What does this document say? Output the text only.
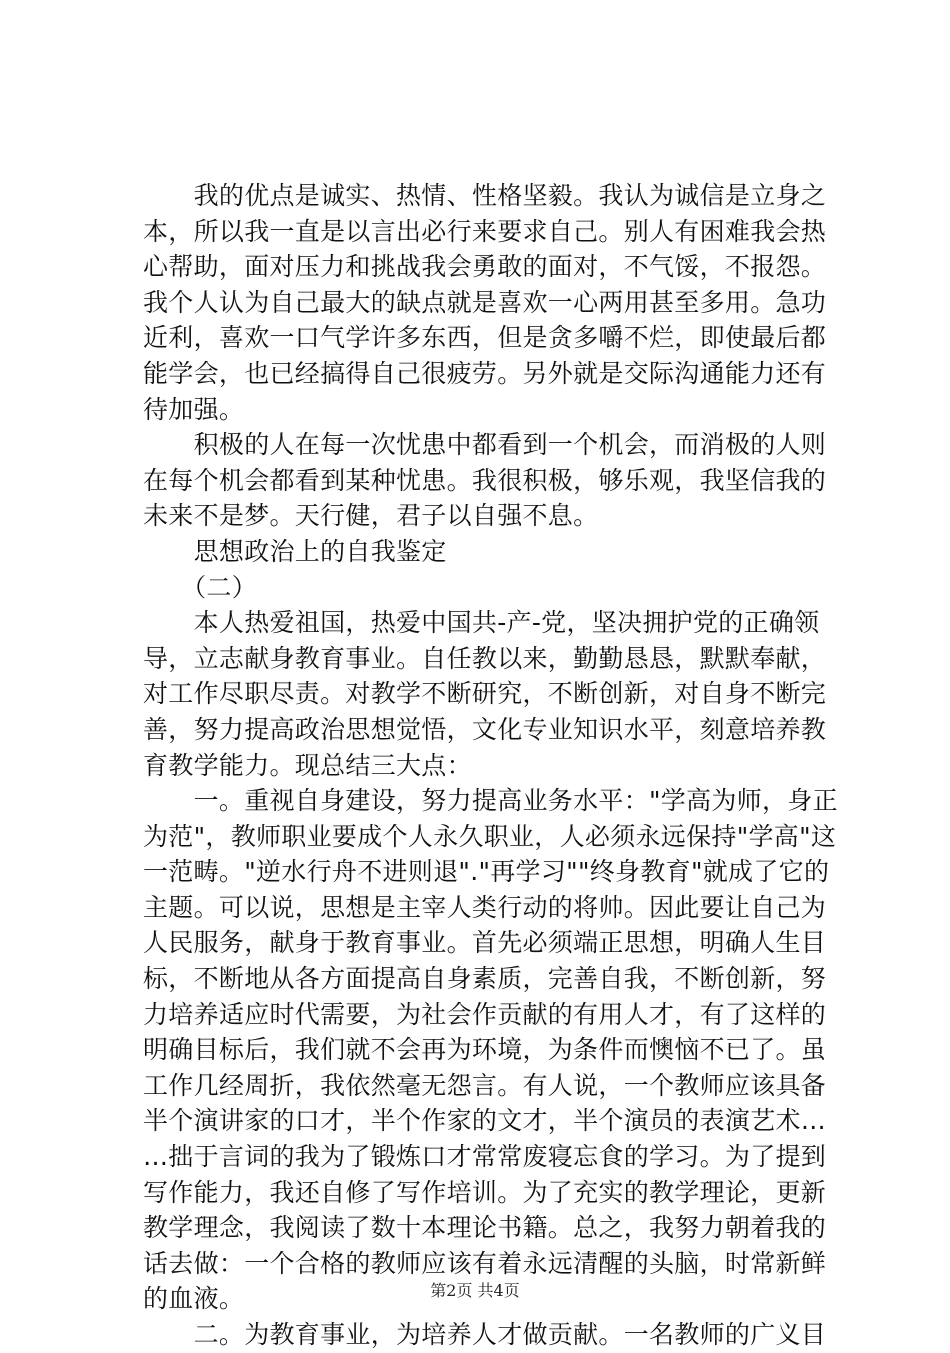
　　我的优点是诚实、热情、性格坚毅。我认为诚信是立身之
本，所以我一直是以言出必行来要求自己。别人有困难我会热
心帮助，面对压力和挑战我会勇敢的面对，不气馁，不报怨。
我个人认为自己最大的缺点就是喜欢一心两用甚至多用。急功
近利，喜欢一口气学许多东西，但是贪多嚼不烂，即使最后都
能学会，也已经搞得自己很疲劳。另外就是交际沟通能力还有
待加强。
　　积极的人在每一次忧患中都看到一个机会，而消极的人则
在每个机会都看到某种忧患。我很积极，够乐观，我坚信我的
未来不是梦。天行健，君子以自强不息。
　　思想政治上的自我鉴定
　　（二）
　　本人热爱祖国，热爱中国共-产-党，坚决拥护党的正确领
导，立志献身教育事业。自任教以来，勤勤恳恳，默默奉献，
对工作尽职尽责。对教学不断研究，不断创新，对自身不断完
善，努力提高政治思想觉悟，文化专业知识水平，刻意培养教
育教学能力。现总结三大点：
　　一。重视自身建设，努力提高业务水平："学高为师，身正
为范"，教师职业要成个人永久职业，人必须永远保持"学高"这
一范畴。"逆水行舟不进则退"."再学习""终身教育"就成了它的
主题。可以说，思想是主宰人类行动的将帅。因此要让自己为
人民服务，献身于教育事业。首先必须端正思想，明确人生目
标，不断地从各方面提高自身素质，完善自我，不断创新，努
力培养适应时代需要，为社会作贡献的有用人才，有了这样的
明确目标后，我们就不会再为环境，为条件而懊恼不已了。虽
工作几经周折，我依然毫无怨言。有人说，一个教师应该具备
半个演讲家的口才，半个作家的文才，半个演员的表演艺术…
…拙于言词的我为了锻炼口才常常废寝忘食的学习。为了提到
写作能力，我还自修了写作培训。为了充实的教学理论，更新
教学理念，我阅读了数十本理论书籍。总之，我努力朝着我的
话去做：一个合格的教师应该有着永远清醒的头脑，时常新鲜
的血液。
　　二。为教育事业，为培养人才做贡献。一名教师的广义目
第2页 共4页
